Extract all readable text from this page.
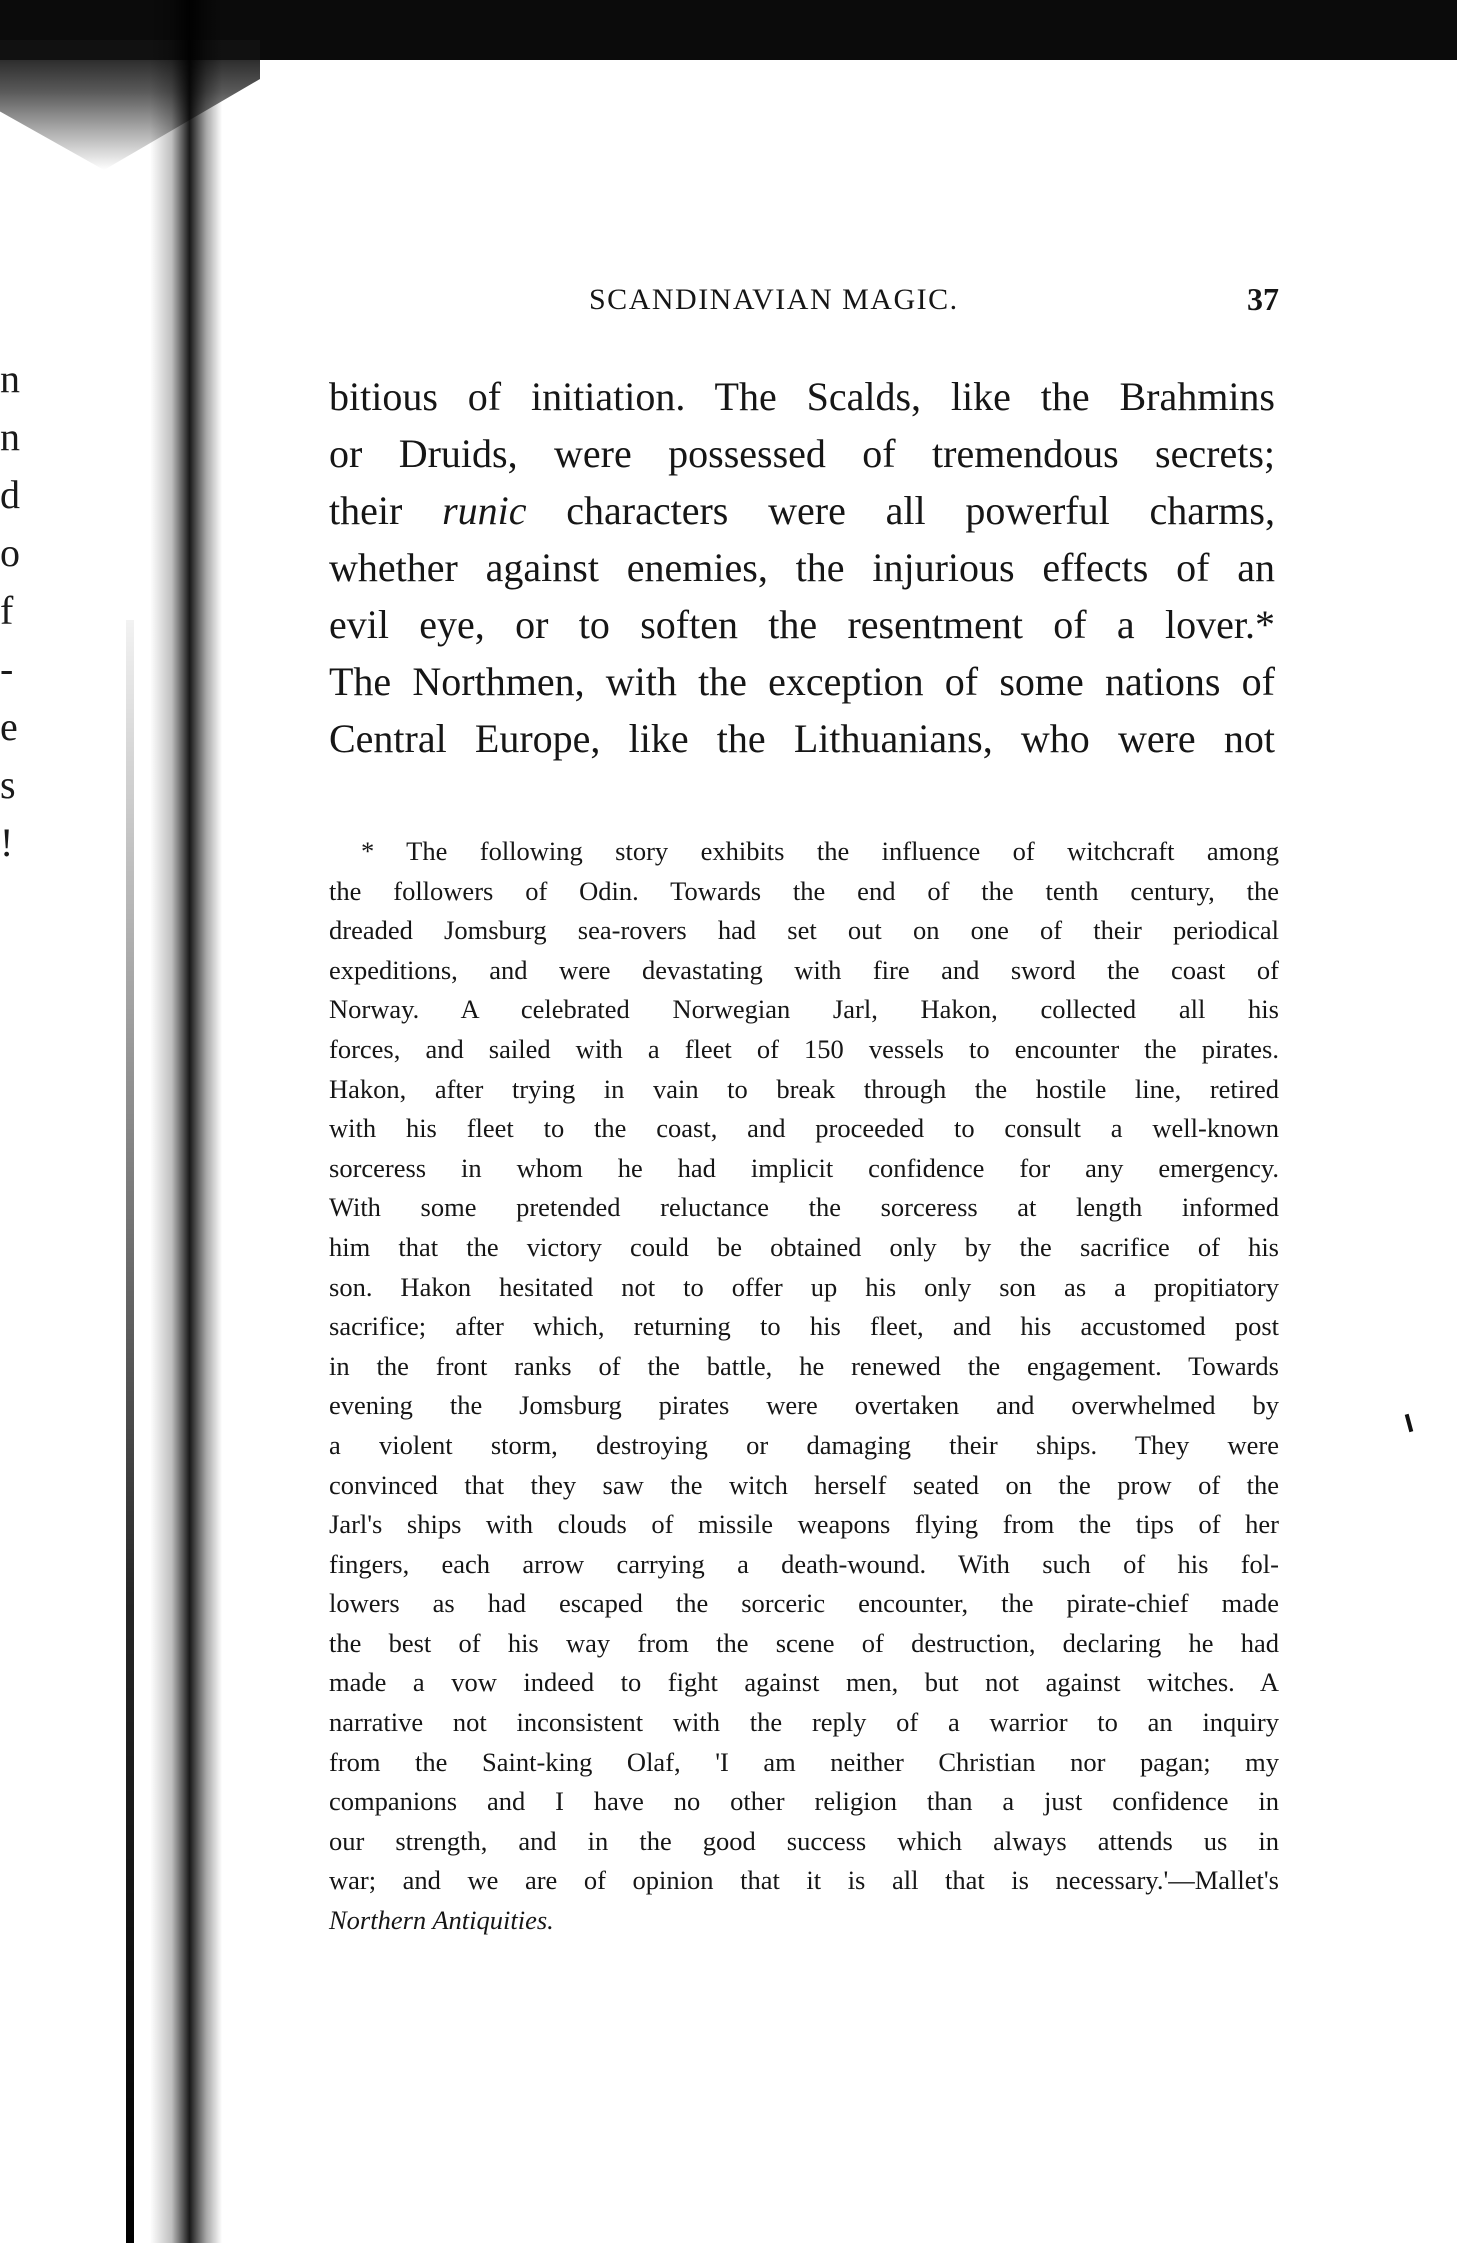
n
n
d
o
f
-
e
s
!
SCANDINAVIAN MAGIC.	37
bitious of initiation. The Scalds, like the Brahmins
or Druids, were possessed of tremendous secrets;
their runic characters were all powerful charms,
whether against enemies, the injurious effects of an
evil eye, or to soften the resentment of a lover.*
The Northmen, with the exception of some nations of
Central Europe, like the Lithuanians, who were not
* The following story exhibits the influence of witchcraft among
the followers of Odin. Towards the end of the tenth century, the
dreaded Jomsburg sea-rovers had set out on one of their periodical
expeditions, and were devastating with fire and sword the coast of
Norway. A celebrated Norwegian Jarl, Hakon, collected all his
forces, and sailed with a fleet of 150 vessels to encounter the pirates.
Hakon, after trying in vain to break through the hostile line, retired
with his fleet to the coast, and proceeded to consult a well-known
sorceress in whom he had implicit confidence for any emergency.
With some pretended reluctance the sorceress at length informed
him that the victory could be obtained only by the sacrifice of his
son. Hakon hesitated not to offer up his only son as a propitiatory
sacrifice; after which, returning to his fleet, and his accustomed post
in the front ranks of the battle, he renewed the engagement. Towards
evening the Jomsburg pirates were overtaken and overwhelmed by
a violent storm, destroying or damaging their ships. They were
convinced that they saw the witch herself seated on the prow of the
Jarl's ships with clouds of missile weapons flying from the tips of her
fingers, each arrow carrying a death-wound. With such of his fol-
lowers as had escaped the sorceric encounter, the pirate-chief made
the best of his way from the scene of destruction, declaring he had
made a vow indeed to fight against men, but not against witches. A
narrative not inconsistent with the reply of a warrior to an inquiry
from the Saint-king Olaf, 'I am neither Christian nor pagan; my
companions and I have no other religion than a just confidence in
our strength, and in the good success which always attends us in
war; and we are of opinion that it is all that is necessary.'—Mallet's
Northern Antiquities.
